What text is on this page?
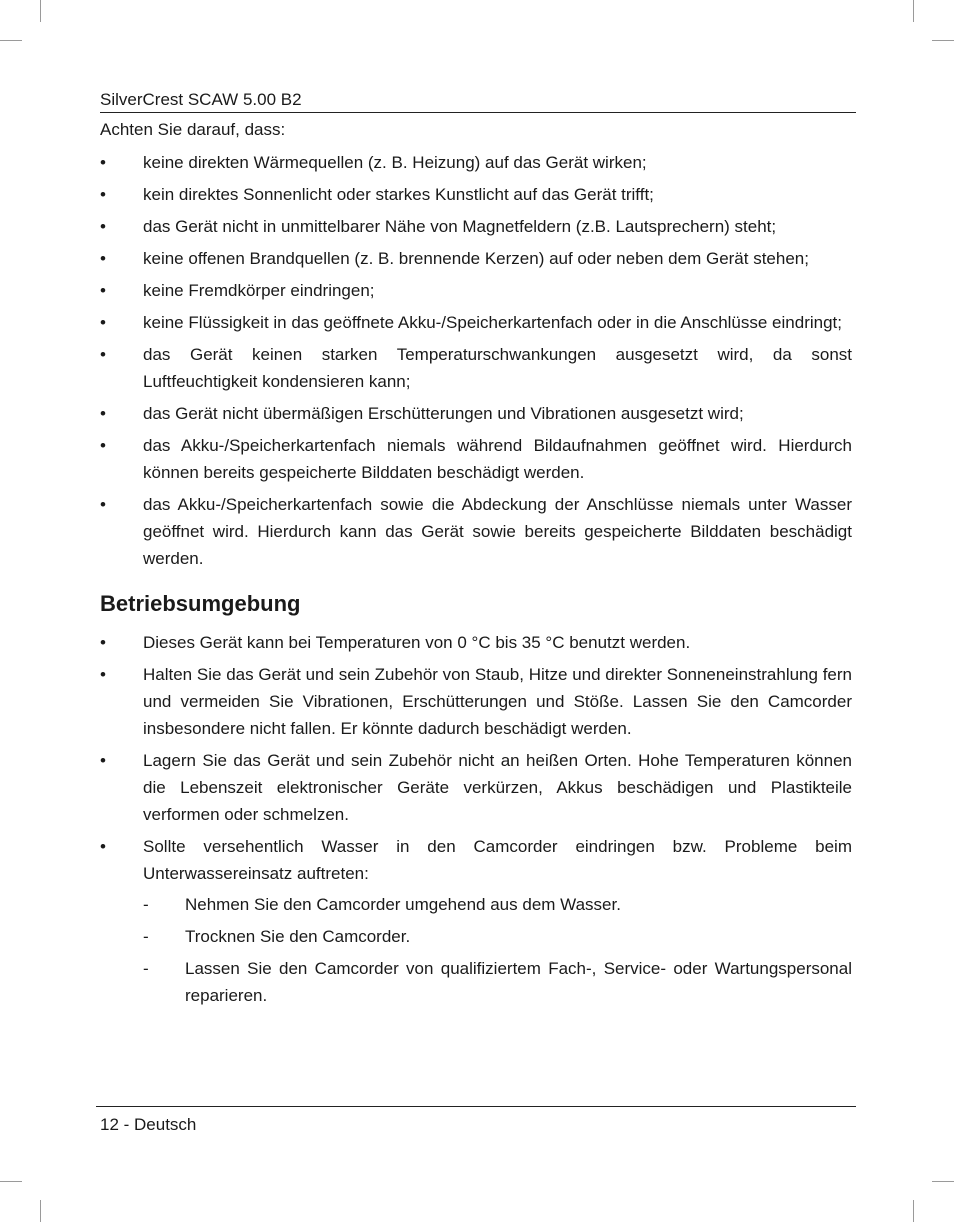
SilverCrest SCAW 5.00 B2

Achten Sie darauf, dass:

• keine direkten Wärmequellen (z. B. Heizung) auf das Gerät wirken;
• kein direktes Sonnenlicht oder starkes Kunstlicht auf das Gerät trifft;
• das Gerät nicht in unmittelbarer Nähe von Magnetfeldern (z.B. Lautsprechern) steht;
• keine offenen Brandquellen (z. B. brennende Kerzen) auf oder neben dem Gerät stehen;
• keine Fremdkörper eindringen;
• keine Flüssigkeit in das geöffnete Akku-/Speicherkartenfach oder in die Anschlüsse eindringt;
• das Gerät keinen starken Temperaturschwankungen ausgesetzt wird, da sonst Luftfeuchtigkeit kondensieren kann;
• das Gerät nicht übermäßigen Erschütterungen und Vibrationen ausgesetzt wird;
• das Akku-/Speicherkartenfach niemals während Bildaufnahmen geöffnet wird. Hierdurch können bereits gespeicherte Bilddaten beschädigt werden.
• das Akku-/Speicherkartenfach sowie die Abdeckung der Anschlüsse niemals unter Wasser geöffnet wird. Hierdurch kann das Gerät sowie bereits gespeicherte Bilddaten beschädigt werden.
Betriebsumgebung
• Dieses Gerät kann bei Temperaturen von 0 °C bis 35 °C benutzt werden.
• Halten Sie das Gerät und sein Zubehör von Staub, Hitze und direkter Sonneneinstrahlung fern und vermeiden Sie Vibrationen, Erschütterungen und Stöße. Lassen Sie den Camcorder insbesondere nicht fallen. Er könnte dadurch beschädigt werden.
• Lagern Sie das Gerät und sein Zubehör nicht an heißen Orten. Hohe Temperaturen können die Lebenszeit elektronischer Geräte verkürzen, Akkus beschädigen und Plastikteile verformen oder schmelzen.
• Sollte versehentlich Wasser in den Camcorder eindringen bzw. Probleme beim Unterwassereinsatz auftreten:
- Nehmen Sie den Camcorder umgehend aus dem Wasser.
- Trocknen Sie den Camcorder.
- Lassen Sie den Camcorder von qualifiziertem Fach-, Service- oder Wartungspersonal reparieren.
12 - Deutsch
